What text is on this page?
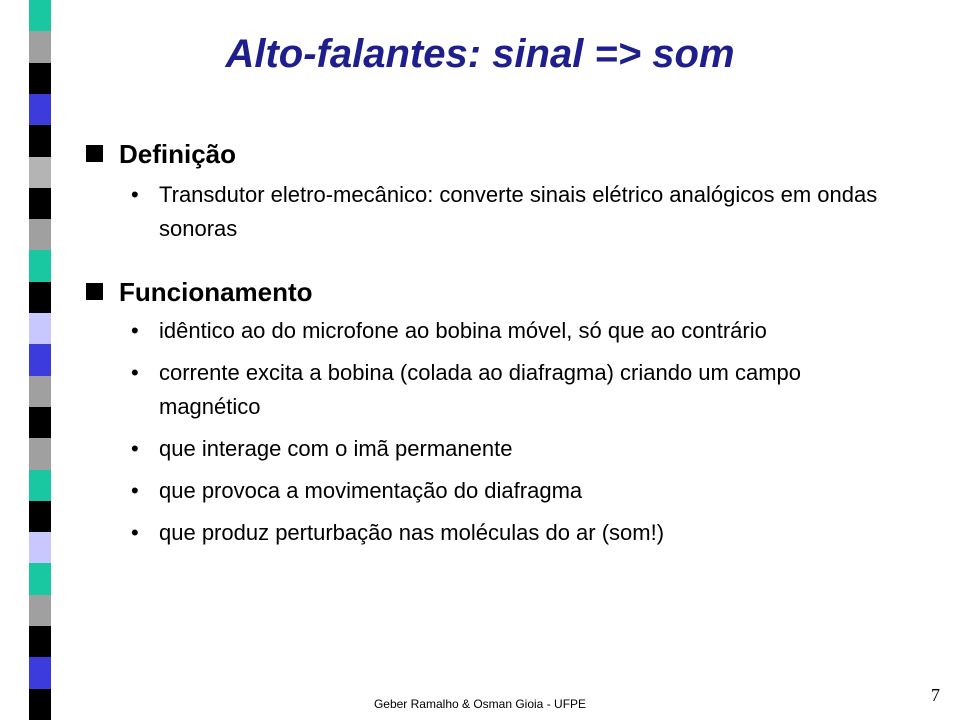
Alto-falantes: sinal => som
Definição
• Transdutor eletro-mecânico: converte sinais elétrico analógicos em ondas sonoras
Funcionamento
• idêntico ao do microfone ao bobina móvel, só que ao contrário
• corrente excita a bobina (colada ao diafragma) criando um campo magnético
• que interage com o imã permanente
• que provoca a movimentação do diafragma
• que produz perturbação nas moléculas do ar (som!)
Geber Ramalho & Osman Gioia - UFPE	7
